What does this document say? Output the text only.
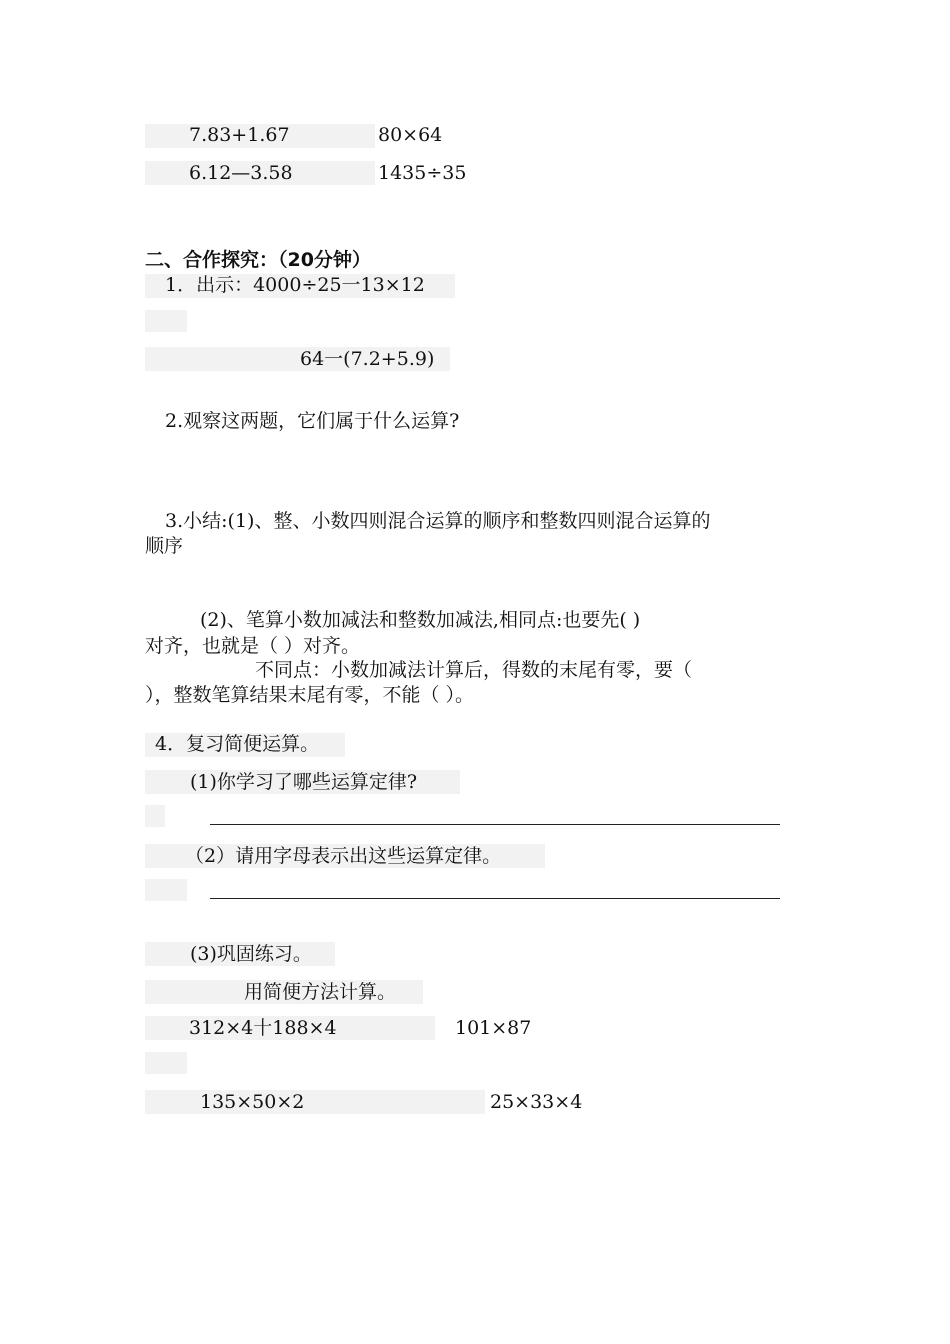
7.83+1.67	80×64
6.12—3.58	1435÷35
二、合作探究：（20分钟）
1．出示：4000÷25一13×12
64一(7.2+5.9)
2.观察这两题，它们属于什么运算?
3.小结:(1)、整、小数四则混合运算的顺序和整数四则混合运算的
顺序
(2)、笔算小数加减法和整数加减法,相同点:也要先( )
对齐，也就是（ ）对齐。
不同点：小数加减法计算后，得数的末尾有零，要（
），整数笔算结果末尾有零，不能（ ）。
4．复习简便运算。
(1)你学习了哪些运算定律?
（2）请用字母表示出这些运算定律。
(3)巩固练习。
用简便方法计算。
312×4十188×4	101×87
135×50×2	25×33×4
